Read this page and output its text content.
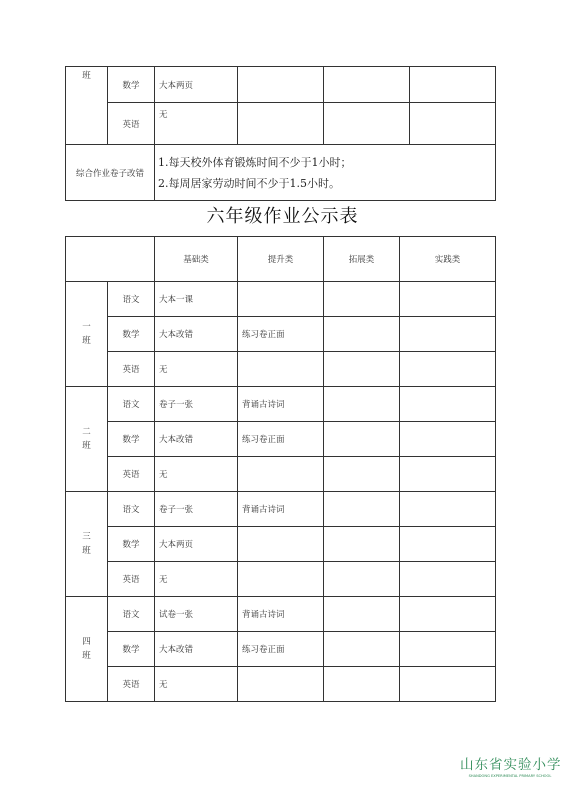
班	数学	大本两页			
	英语	无			
综合作业卷子改错		1.每天校外体育锻炼时间不少于1小时；
2.每周居家劳动时间不少于1.5小时。			
六年级作业公示表
		基础类	提升类	拓展类	实践类

一
班	语文	大本一课			
	数学	大本改错	练习卷正面		
	英语	无			

二
班	语文	卷子一张	背诵古诗词		
	数学	大本改错	练习卷正面		
	英语	无			

三
班	语文	卷子一张	背诵古诗词		
	数学	大本两页			
	英语	无			

四
班	语文	试卷一张	背诵古诗词		
	数学	大本改错	练习卷正面		
	英语	无			
山东省实验小学
SHANDONG EXPERIMENTAL PRIMARY SCHOOL
